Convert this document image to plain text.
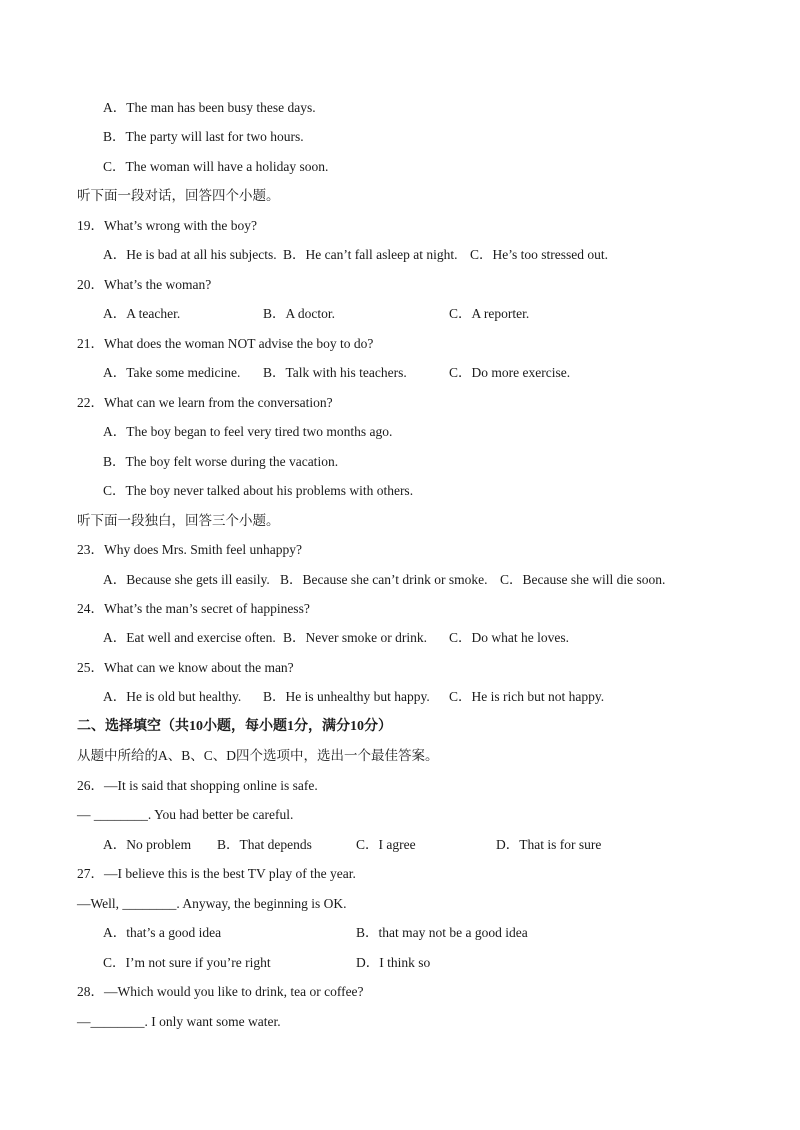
A．The man has been busy these days.
B．The party will last for two hours.
C．The woman will have a holiday soon.
听下面一段对话，回答四个小题。
19．What’s wrong with the boy?
A．He is bad at all his subjects. B．He can’t fall asleep at night. C．He’s too stressed out.
20．What’s the woman?
A．A teacher.	B．A doctor.	C．A reporter.
21．What does the woman NOT advise the boy to do?
A．Take some medicine. B．Talk with his teachers.	C．Do more exercise.
22．What can we learn from the conversation?
A．The boy began to feel very tired two months ago.
B．The boy felt worse during the vacation.
C．The boy never talked about his problems with others.
听下面一段独白，回答三个小题。
23．Why does Mrs. Smith feel unhappy?
A．Because she gets ill easily. B．Because she can’t drink or smoke. C．Because she will die soon.
24．What’s the man’s secret of happiness?
A．Eat well and exercise often. B．Never smoke or drink. C．Do what he loves.
25．What can we know about the man?
A．He is old but healthy. B．He is unhealthy but happy. C．He is rich but not happy.
二、选择填空（共10小题，每小题1分，满分10分）
从题中所给的A、B、C、D四个选项中，选出一个最佳答案。
26．—It is said that shopping online is safe.
— ________. You had better be careful.
A．No problem B．That depends	C．I agree	D．That is for sure
27．—I believe this is the best TV play of the year.
—Well, ________. Anyway, the beginning is OK.
A．that’s a good idea	B．that may not be a good idea
C．I’m not sure if you’re right	D．I think so
28．—Which would you like to drink, tea or coffee?
—________. I only want some water.
